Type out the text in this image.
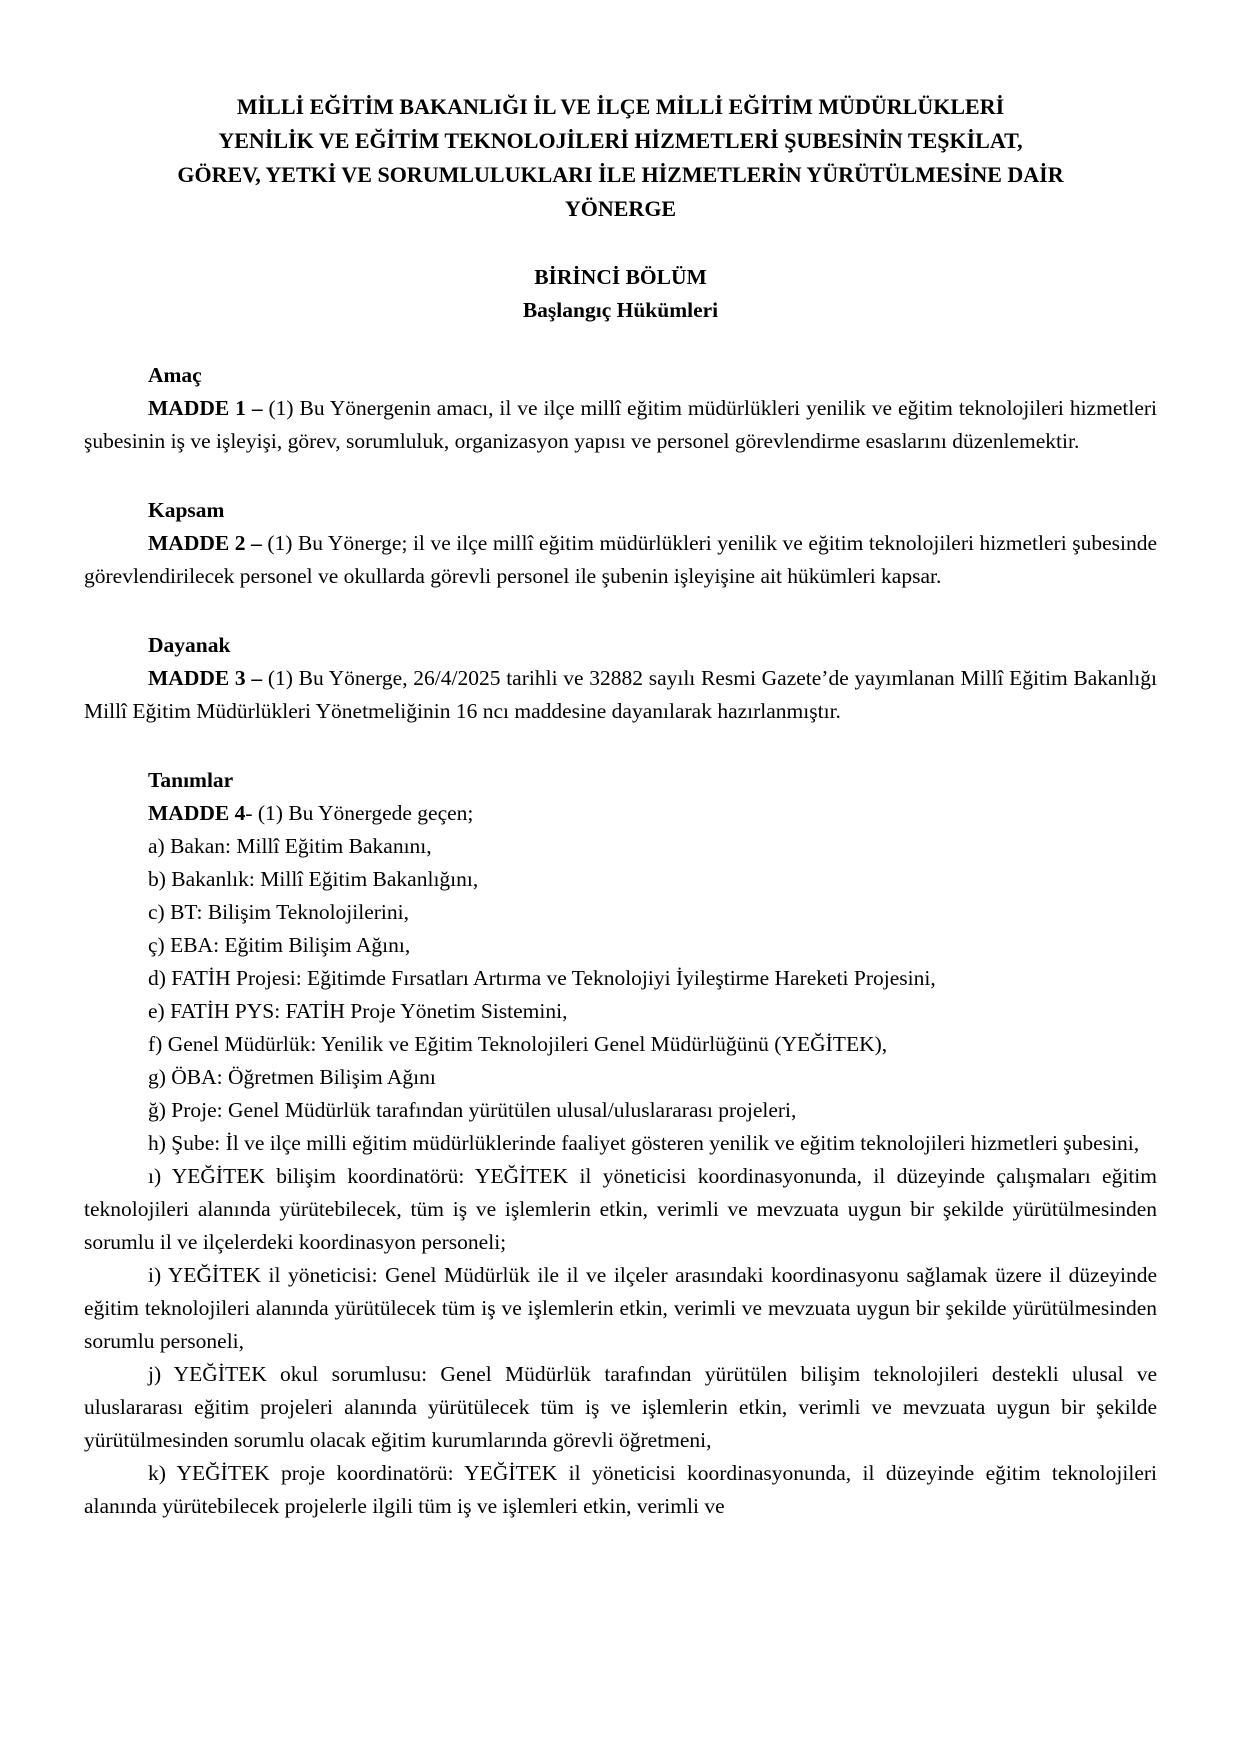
MİLLİ EĞİTİM BAKANLIĞI İL VE İLÇE MİLLİ EĞİTİM MÜDÜRLÜKLERİ
YENİLİK VE EĞİTİM TEKNOLOJİLERİ HİZMETLERİ ŞUBESİNİN TEŞKİLAT,
GÖREV, YETKİ VE SORUMLULUKLARI İLE HİZMETLERİN YÜRÜTÜLMESİNE DAİR
YÖNERGE
BİRİNCİ BÖLÜM
Başlangıç Hükümleri
Amaç

MADDE 1 – (1) Bu Yönergenin amacı, il ve ilçe millî eğitim müdürlükleri yenilik ve eğitim teknolojileri hizmetleri şubesinin iş ve işleyişi, görev, sorumluluk, organizasyon yapısı ve personel görevlendirme esaslarını düzenlemektir.

Kapsam

MADDE 2 – (1) Bu Yönerge; il ve ilçe millî eğitim müdürlükleri yenilik ve eğitim teknolojileri hizmetleri şubesinde görevlendirilecek personel ve okullarda görevli personel ile şubenin işleyişine ait hükümleri kapsar.

Dayanak

MADDE 3 – (1) Bu Yönerge, 26/4/2025 tarihli ve 32882 sayılı Resmi Gazete’de yayımlanan Millî Eğitim Bakanlığı Millî Eğitim Müdürlükleri Yönetmeliğinin 16 ncı maddesine dayanılarak hazırlanmıştır.

Tanımlar

MADDE 4- (1) Bu Yönergede geçen;

a) Bakan: Millî Eğitim Bakanını,

b) Bakanlık: Millî Eğitim Bakanlığını,

c) BT: Bilişim Teknolojilerini,

ç) EBA: Eğitim Bilişim Ağını,

d) FATİH Projesi: Eğitimde Fırsatları Artırma ve Teknolojiyi İyileştirme Hareketi Projesini,

e) FATİH PYS: FATİH Proje Yönetim Sistemini,

f) Genel Müdürlük: Yenilik ve Eğitim Teknolojileri Genel Müdürlüğünü (YEĞİTEK),

g) ÖBA: Öğretmen Bilişim Ağını

ğ) Proje: Genel Müdürlük tarafından yürütülen ulusal/uluslararası projeleri,

h) Şube: İl ve ilçe milli eğitim müdürlüklerinde faaliyet gösteren yenilik ve eğitim teknolojileri hizmetleri şubesini,

ı) YEĞİTEK bilişim koordinatörü: YEĞİTEK il yöneticisi koordinasyonunda, il düzeyinde çalışmaları eğitim teknolojileri alanında yürütebilecek, tüm iş ve işlemlerin etkin, verimli ve mevzuata uygun bir şekilde yürütülmesinden sorumlu il ve ilçelerdeki koordinasyon personeli;

i) YEĞİTEK il yöneticisi: Genel Müdürlük ile il ve ilçeler arasındaki koordinasyonu sağlamak üzere il düzeyinde eğitim teknolojileri alanında yürütülecek tüm iş ve işlemlerin etkin, verimli ve mevzuata uygun bir şekilde yürütülmesinden sorumlu personeli,

j) YEĞİTEK okul sorumlusu: Genel Müdürlük tarafından yürütülen bilişim teknolojileri destekli ulusal ve uluslararası eğitim projeleri alanında yürütülecek tüm iş ve işlemlerin etkin, verimli ve mevzuata uygun bir şekilde yürütülmesinden sorumlu olacak eğitim kurumlarında görevli öğretmeni,

k) YEĞİTEK proje koordinatörü: YEĞİTEK il yöneticisi koordinasyonunda, il düzeyinde eğitim teknolojileri alanında yürütebilecek projelerle ilgili tüm iş ve işlemleri etkin, verimli ve
